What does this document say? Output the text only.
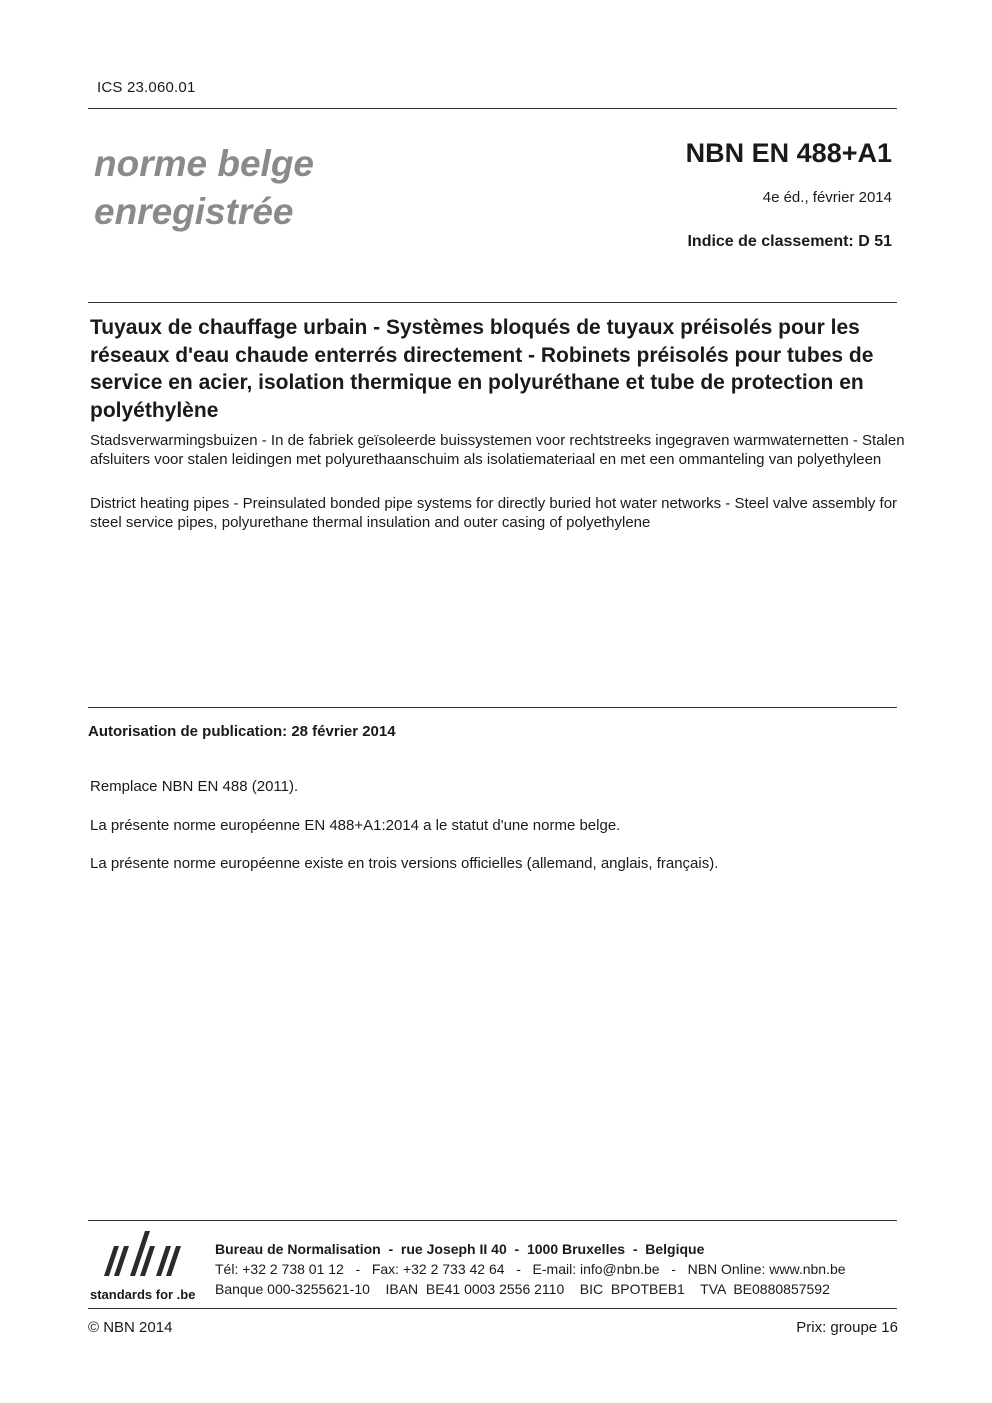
ICS 23.060.01
norme belge
enregistrée
NBN EN 488+A1
4e éd., février 2014
Indice de classement: D 51
Tuyaux de chauffage urbain - Systèmes bloqués de tuyaux préisolés pour les réseaux d'eau chaude enterrés directement - Robinets préisolés pour tubes de service en acier, isolation thermique en polyuréthane et tube de protection en polyéthylène
Stadsverwarmingsbuizen - In de fabriek geïsoleerde buissystemen voor rechtstreeks ingegraven warmwaternetten - Stalen afsluiters voor stalen leidingen met polyurethaanschuim als isolatiemateriaal en met een ommanteling van polyethyleen
District heating pipes - Preinsulated bonded pipe systems for directly buried hot water networks - Steel valve assembly for steel service pipes, polyurethane thermal insulation and outer casing of polyethylene
Autorisation de publication: 28 février 2014
Remplace NBN EN 488 (2011).
La présente norme européenne EN 488+A1:2014 a le statut d'une norme belge.
La présente norme européenne existe en trois versions officielles (allemand, anglais, français).
standards for .be
Bureau de Normalisation  -  rue Joseph II 40  -  1000 Bruxelles  -  Belgique
Tél: +32 2 738 01 12   -   Fax: +32 2 733 42 64   -   E-mail: info@nbn.be   -   NBN Online: www.nbn.be
Banque 000-3255621-10    IBAN  BE41 0003 2556 2110    BIC  BPOTBEB1    TVA  BE0880857592
© NBN 2014	Prix: groupe 16
